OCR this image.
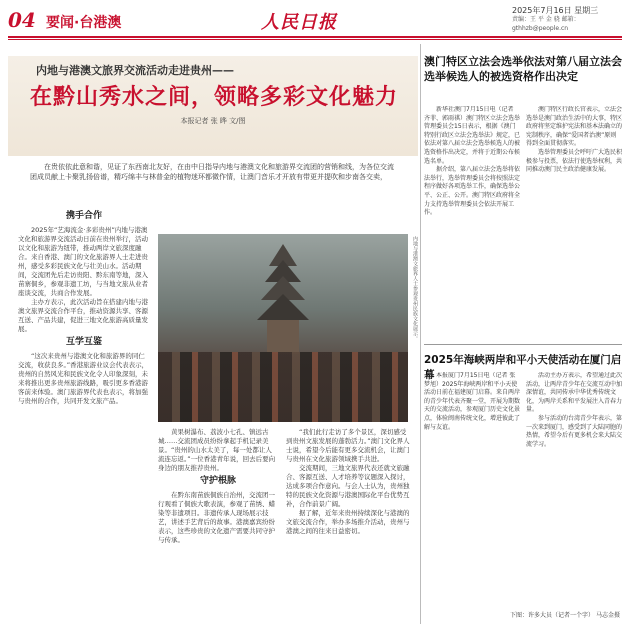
04 要闻·台港澳	人民日报
2025年7月16日 星期三
责编：王 平 金 骁 邮箱：
gthhzb@people.cn
内地与港澳文旅界交流活动走进贵州——
在黔山秀水之间，领略多彩文化魅力
本报记者 张 晔 文/图
在贵依依此意和谐，见证了东西南北友好，在由中日指导内地与港澳文化和旅游界交流团的营销和线，为各位交流团成员献上卡聚乳扬倍谱，精巧绵丰与林普金的植物迷环都微作情，让澳门音乐才开放有带更并提吹和步南各交卖，
携手合作

2025年“艺海流金·多彩贵州”内地与港澳文化和旅游界交流活动日前在贵州举行，活动以文化和旅游为纽带，推动两岸文旅深度融合。来自香港、澳门的文化旅游界人士走进贵州，感受多彩民族文化与壮美山水。活动期间，交流团先后走访贵阳、黔东南等地，深入苗寨侗乡，参观非遗工坊，与当地文旅从业者座谈交流，共商合作发展。

主办方表示，此次活动旨在搭建内地与港澳文旅界交流合作平台，推动资源共享、客源互送、产品共建，促进三地文化旅游高质量发展。

互学互鉴

“这次来贵州与港澳文化和旅游界的同仁交流，收获良多。”香港旅游业议会代表表示，贵州的自然风光和民族文化令人印象深刻，未来将推出更多贵州旅游线路，吸引更多香港游客前来体验。澳门旅游界代表也表示，将加强与贵州的合作，共同开发文旅产品。

内地与港澳文旅界人士参观贵州民族文化展示。

黄果树瀑布、荔波小七孔、镇远古城……交流团成员纷纷拿起手机记录美景。“贵州的山水太美了，每一处都让人流连忘返。”一位香港青年说，回去后要向身边的朋友推荐贵州。

守护根脉

在黔东南苗族侗族自治州，交流团一行观看了侗族大歌表演，参观了苗绣、蜡染等非遗项目。非遗传承人现场展示技艺，讲述手艺背后的故事。港澳嘉宾纷纷表示，这些珍贵的文化遗产需要共同守护与传承。

“我们此行走访了多个景区，深切感受到贵州文旅发展的蓬勃活力。”澳门文化界人士说，希望今后能有更多交流机会，让澳门与贵州在文化旅游领域携手共进。

交流期间，三地文旅界代表还就文旅融合、客源互送、人才培养等议题深入探讨，达成多项合作意向。与会人士认为，贵州独特的民族文化资源与港澳国际化平台优势互补，合作前景广阔。

据了解，近年来贵州持续深化与港澳的文旅交流合作，举办多场推介活动，贵州与港澳之间的往来日益密切。

澳门特区立法会选举依法对第八届立法会选举候选人的被选资格作出决定

新华社澳门7月15日电（记者 齐菲、郭雨祺）澳门特区立法会选举管理委员会15日表示，根据《澳门特别行政区立法会选举法》规定，已依法对第八届立法会选举候选人的被选资格作出决定，并将于近期公布候选名单。

据介绍，第八届立法会选举将依法举行，选举管理委员会将按照法定程序做好各项选举工作，确保选举公平、公正、公开。澳门特区政府将全力支持选举管理委员会依法开展工作。

澳门特区行政长官表示，立法会选举是澳门政治生活中的大事，特区政府将坚定维护宪法和基本法确立的宪制秩序，确保“爱国者治澳”原则得到全面贯彻落实。

选举管理委员会呼吁广大选民积极参与投票，依法行使选举权利，共同推动澳门民主政治健康发展。

2025年海峡两岸和平小天使活动在厦门启幕 本报厦门7月15日电（记者 张梦旭）2025年海峡两岸和平小天使活动日前在福建厦门启幕。来自两岸的青少年代表齐聚一堂，开展为期数天的交流活动，参观厦门历史文化景点，体验闽南传统文化，增进彼此了解与友谊。

活动主办方表示，希望通过此次活动，让两岸青少年在交流互动中加深情谊，共同传承中华优秀传统文化，为两岸关系和平发展注入青春力量。

参与活动的台湾青少年表示，第一次来到厦门，感受到了大陆同胞的热情，希望今后有更多机会来大陆交流学习。

下图：许多大员（记者一个字） 马志金摄
